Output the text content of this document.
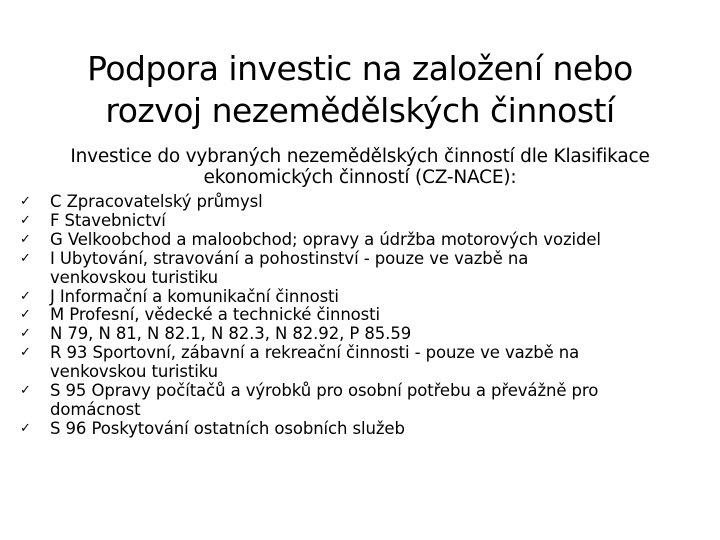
Podpora investic na založení nebo
rozvoj nezemědělských činností
Investice do vybraných nezemědělských činností dle Klasifikace
ekonomických činností (CZ-NACE):
✓	C Zpracovatelský průmysl
✓	F Stavebnictví
✓	G Velkoobchod a maloobchod; opravy a údržba motorových vozidel
✓	I Ubytování, stravování a pohostinství - pouze ve vazbě na
venkovskou turistiku
✓	J Informační a komunikační činnosti
✓	M Profesní, vědecké a technické činnosti
✓	N 79, N 81, N 82.1, N 82.3, N 82.92, P 85.59
✓	R 93 Sportovní, zábavní a rekreační činnosti - pouze ve vazbě na
venkovskou turistiku
✓	S 95 Opravy počítačů a výrobků pro osobní potřebu a převážně pro
domácnost
✓	S 96 Poskytování ostatních osobních služeb
